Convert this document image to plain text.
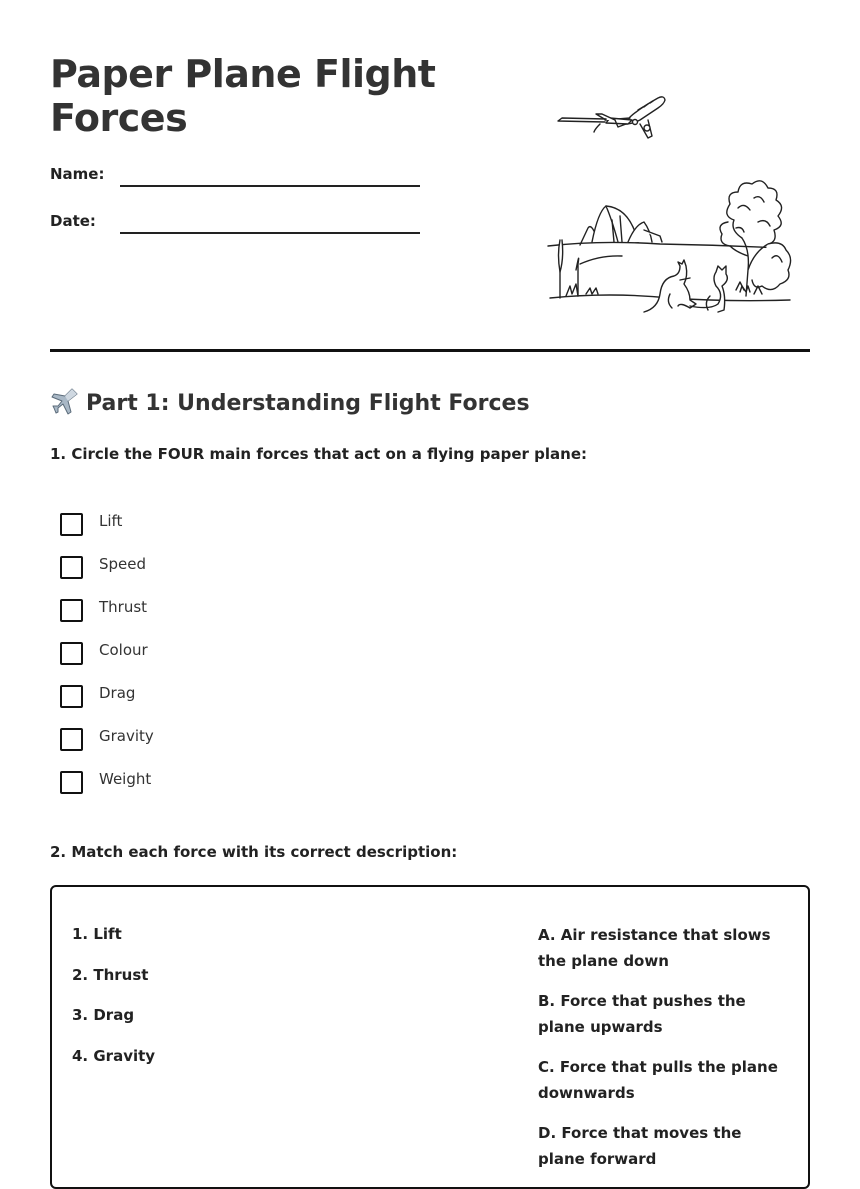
Paper Plane Flight Forces
Name:
Date:
Part 1: Understanding Flight Forces

1. Circle the FOUR main forces that act on a flying paper plane:

Lift
Speed
Thrust
Colour
Drag
Gravity
Weight

2. Match each force with its correct description:

1. Lift
2. Thrust
3. Drag
4. Gravity
A. Air resistance that slows the plane down
B. Force that pushes the plane upwards
C. Force that pulls the plane downwards
D. Force that moves the plane forward
